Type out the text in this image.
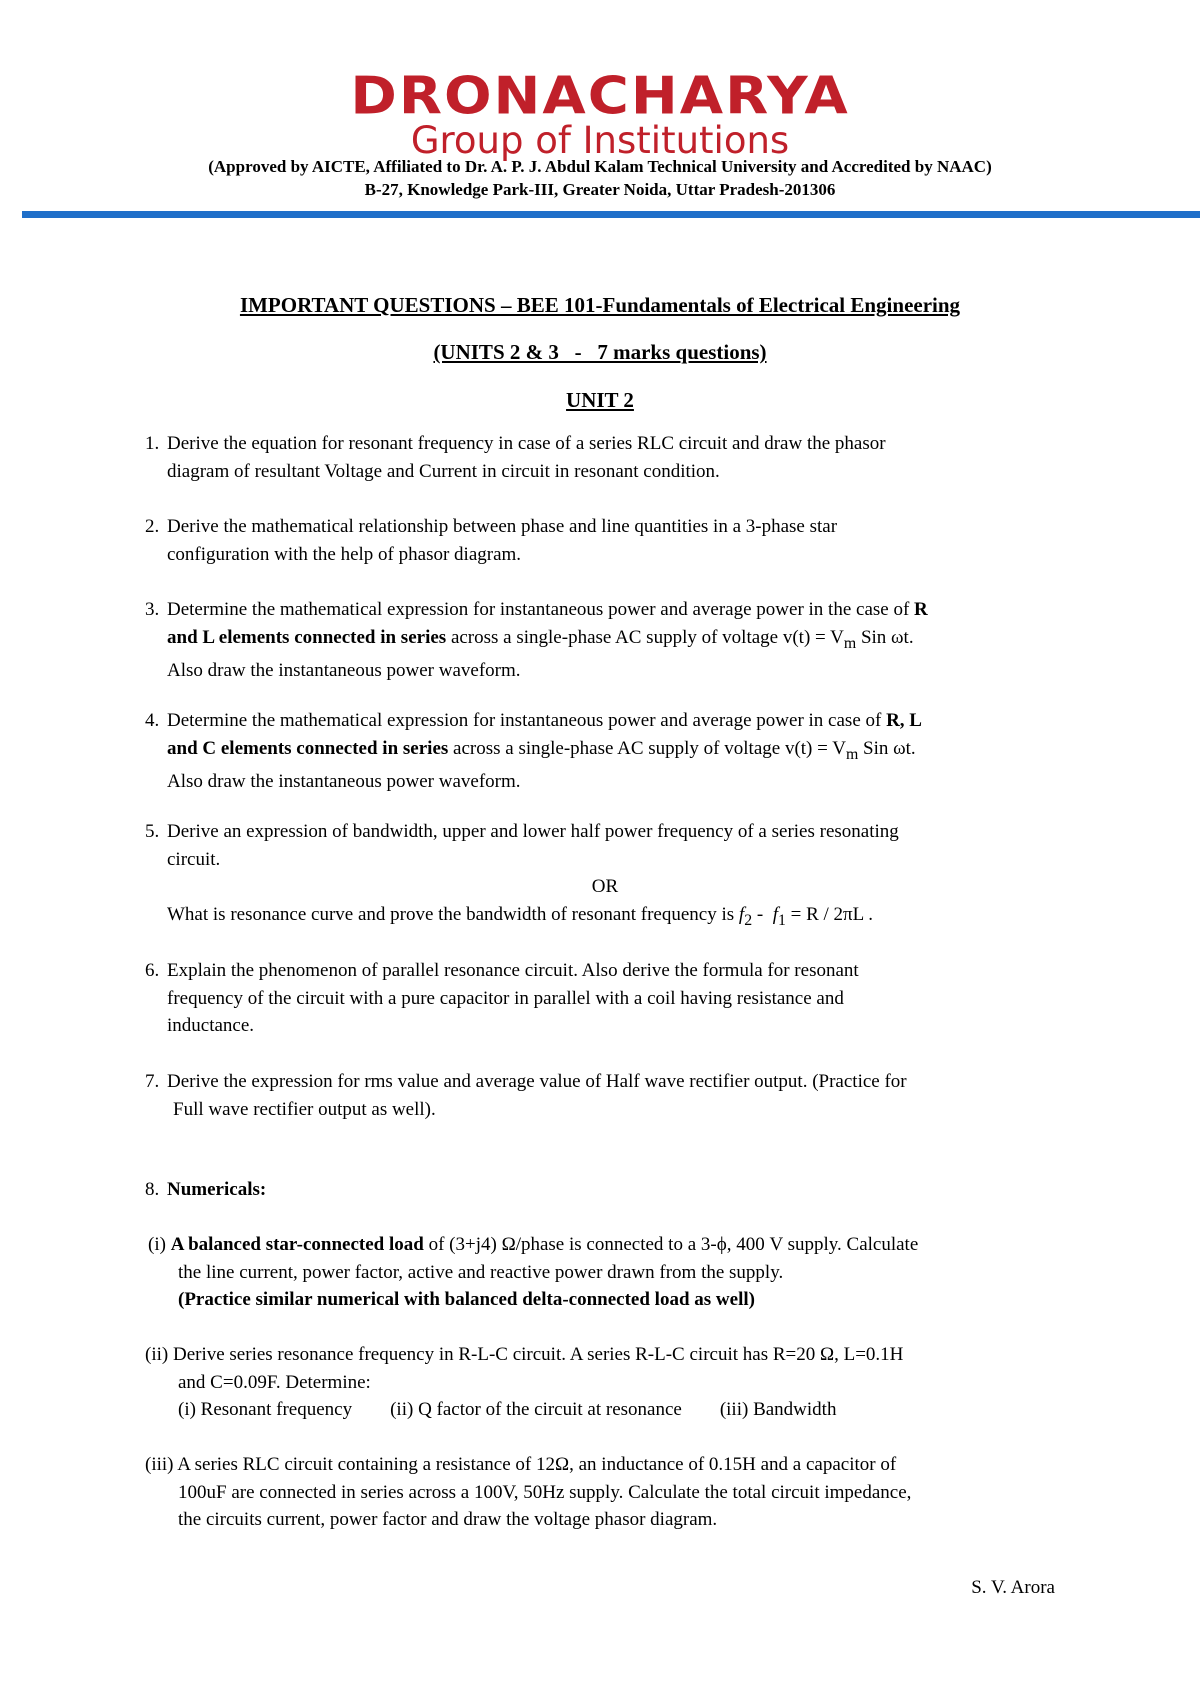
DRONACHARYA
Group of Institutions
(Approved by AICTE, Affiliated to Dr. A. P. J. Abdul Kalam Technical University and Accredited by NAAC)
B-27, Knowledge Park-III, Greater Noida, Uttar Pradesh-201306
IMPORTANT QUESTIONS – BEE 101-Fundamentals of Electrical Engineering
(UNITS 2 & 3   -   7 marks questions)
UNIT 2
1. Derive the equation for resonant frequency in case of a series RLC circuit and draw the phasor
diagram of resultant Voltage and Current in circuit in resonant condition.
2. Derive the mathematical relationship between phase and line quantities in a 3-phase star
configuration with the help of phasor diagram.
3. Determine the mathematical expression for instantaneous power and average power in the case of R
and L elements connected in series across a single-phase AC supply of voltage $v(t) = V_m$ Sin ωt.
Also draw the instantaneous power waveform.
4. Determine the mathematical expression for instantaneous power and average power in case of R, L
and C elements connected in series across a single-phase AC supply of voltage $v(t) = V_m$ Sin ωt.
Also draw the instantaneous power waveform.
5. Derive an expression of bandwidth, upper and lower half power frequency of a series resonating
circuit.
OR
What is resonance curve and prove the bandwidth of resonant frequency is $f_2 - f_1 = R / 2\pi L$ .
6. Explain the phenomenon of parallel resonance circuit. Also derive the formula for resonant
frequency of the circuit with a pure capacitor in parallel with a coil having resistance and
inductance.
7. Derive the expression for rms value and average value of Half wave rectifier output. (Practice for
Full wave rectifier output as well).
8. Numericals:
(i) A balanced star-connected load of (3+j4) Ω/phase is connected to a 3-ϕ, 400 V supply. Calculate
the line current, power factor, active and reactive power drawn from the supply.
(Practice similar numerical with balanced delta-connected load as well)
(ii) Derive series resonance frequency in R-L-C circuit. A series R-L-C circuit has R=20 Ω, L=0.1H
and C=0.09F. Determine:
(i) Resonant frequency (ii) Q factor of the circuit at resonance (iii) Bandwidth
(iii) A series RLC circuit containing a resistance of 12Ω, an inductance of 0.15H and a capacitor of
100uF are connected in series across a 100V, 50Hz supply. Calculate the total circuit impedance,
the circuits current, power factor and draw the voltage phasor diagram.
S. V. Arora
